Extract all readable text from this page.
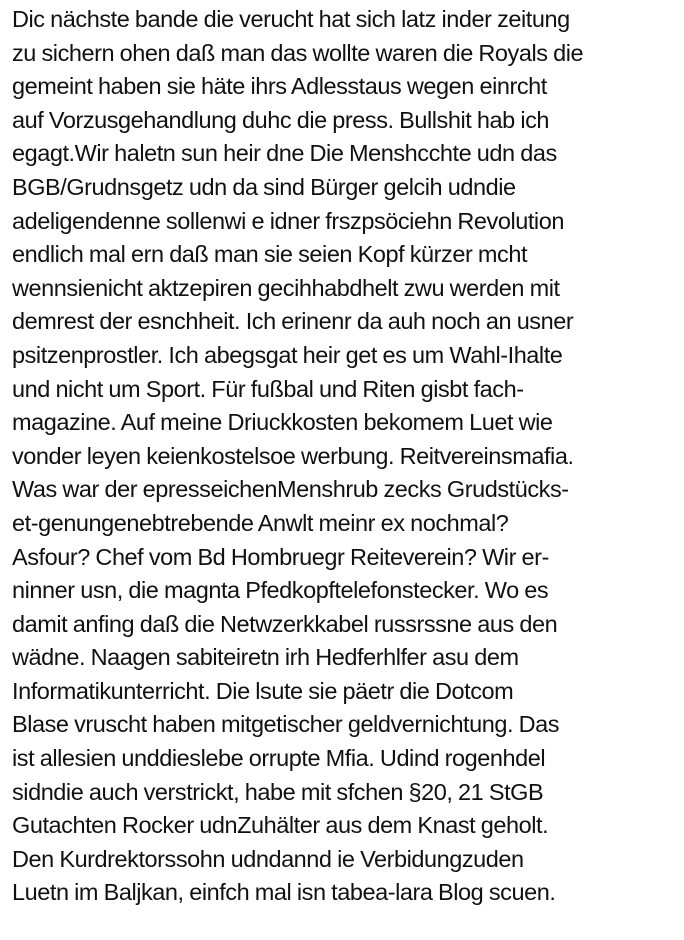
Dic nächste bande die verucht hat sich latz inder zeitung
zu sichern ohen daß man das wollte waren die Royals die
gemeint haben sie häte ihrs Adlesstaus wegen einrcht
auf Vorzusgehandlung duhc die press. Bullshit hab ich
egagt.Wir haletn sun heir dne Die Menshcchte udn das
BGB/Grudnsgetz udn da sind Bürger gelcih udndie
adeligendenne sollenwi e idner frszpsöciehn Revolution
endlich mal ern daß man sie seien Kopf kürzer mcht
wennsienicht aktzepiren gecihhabdhelt zwu werden mit
demrest der esnchheit. Ich erinenr da auh noch an usner
psitzenprostler. Ich abegsgat heir get es um Wahl-Ihalte
und nicht um Sport. Für fußbal und Riten gisbt fach-
magazine. Auf meine Driuckkosten bekomem Luet wie
vonder leyen keienkostelsoe werbung. Reitvereinsmafia.
Was war der epresseichenMenshrub zecks Grudstücks-
et-genungenebtrebende Anwlt meinr ex nochmal?
Asfour? Chef vom Bd Hombruegr Reiteverein? Wir er-
ninner usn, die magnta Pfedkopftelefonstecker. Wo es
damit anfing daß die Netwzerkkabel russrssne aus den
wädne. Naagen sabiteiretn irh Hedferhlfer asu dem
Informatikunterricht. Die lsute sie päetr die Dotcom
Blase vruscht haben mitgetischer geldvernichtung. Das
ist allesien unddieslebe orrupte Mfia. Udind rogenhdel
sidndie auch verstrickt, habe mit sfchen §20, 21 StGB
Gutachten Rocker udnZuhälter aus dem Knast geholt.
Den Kurdrektorssohn udndannd ie Verbidungzuden
Luetn im Baljkan, einfch mal isn tabea-lara Blog scuen.
